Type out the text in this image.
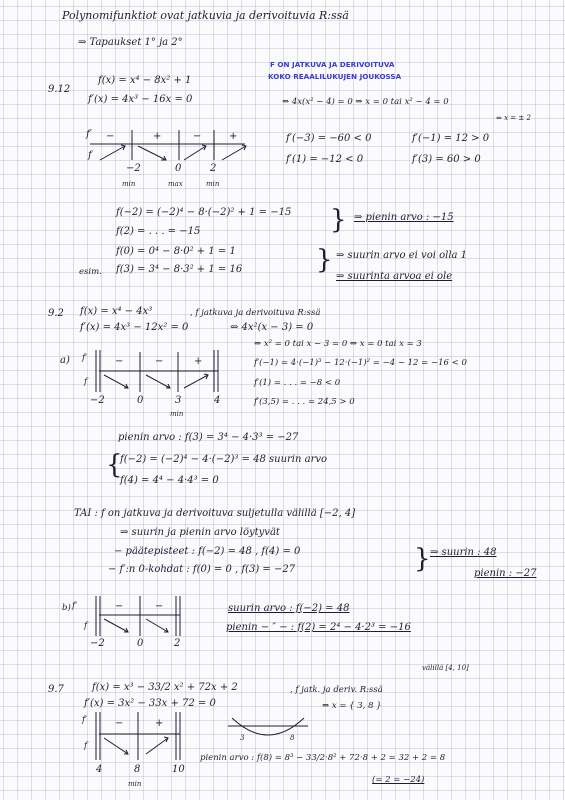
Polynomifunktiot ovat jatkuvia ja derivoituvia R:ssä
⇒ Tapaukset 1° ja 2°
F ON JATKUVA JA DERIVOITUVA
KOKO REAALILUKUJEN JOUKOSSA
9.12
f(x) = x⁴ − 8x² + 1
f′(x) = 4x³ − 16x = 0	⇔ 4x(x² − 4) = 0 ⇒ x = 0 tai x² − 4 = 0
⇔ x = ± 2
f′
f
−	+	−	+
−2	0	2
min	max	min
f′(−3) = −60 < 0	f′(−1) = 12 > 0
f′(1) = −12 < 0	f′(3) = 60 > 0
f(−2) = (−2)⁴ − 8·(−2)² + 1 = −15
f(2) = . . . = −15
f(0) = 0⁴ − 8·0² + 1 = 1
esim. f(3) = 3⁴ − 8·3² + 1 = 16
}
}
⇒ pienin arvo : −15
⇒ suurin arvo ei voi olla 1
⇒ suurinta arvoa ei ole
9.2 f(x) = x⁴ − 4x³	, f jatkuva ja derivoituva R:ssä
f′(x) = 4x³ − 12x² = 0	⇔ 4x²(x − 3) = 0
⇔ x² = 0 tai x − 3 = 0 ⇔ x = 0 tai x = 3
a) f′
f
−	−	+
−2	0	3	4
min
f′(−1) = 4·(−1)³ − 12·(−1)² = −4 − 12 = −16 < 0
f′(1) = . . . = −8 < 0
f′(3,5) = . . . = 24,5 > 0
pienin arvo : f(3) = 3⁴ − 4·3³ = −27
{
f(−2) = (−2)⁴ − 4·(−2)³ = 48 suurin arvo
f(4) = 4⁴ − 4·4³ = 0
TAI : f on jatkuva ja derivoituva suljetulla välillä [−2, 4]
⇒ suurin ja pienin arvo löytyvät
− päätepisteet : f(−2) = 48 , f(4) = 0
− f′:n 0-kohdat : f(0) = 0 , f(3) = −27	} ⇒ suurin : 48
pienin : −27
b) f′
f
−	−
−2	0	2
suurin arvo : f(−2) = 48
pienin − ″ − : f(2) = 2⁴ − 4·2³ = −16
9.7	f(x) = x³ − 33/2 x² + 72x + 2	, f jatk. ja deriv. R:ssä
välillä [4, 10]
f′(x) = 3x² − 33x + 72 = 0	⇔ x = { 3, 8 }
f′
f
−	+
4	8	10
min
3	8
pienin arvo : f(8) = 8³ − 33/2·8² + 72·8 + 2 = 32 + 2 = 8
(= 2 = −24)
